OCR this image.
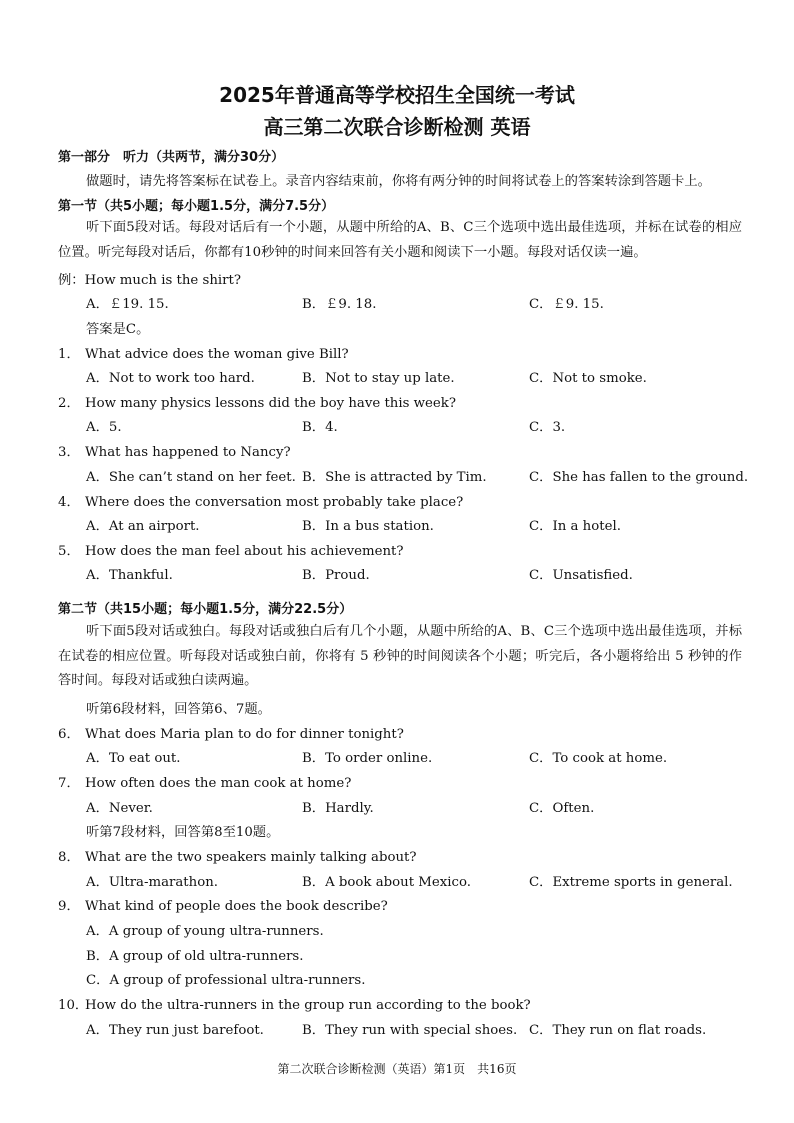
2025年普通高等学校招生全国统一考试
高三第二次联合诊断检测 英语
第一部分　听力（共两节，满分30分）
做题时，请先将答案标在试卷上。录音内容结束前，你将有两分钟的时间将试卷上的答案转涂到答题卡上。
第一节（共5小题；每小题1.5分，满分7.5分）
听下面5段对话。每段对话后有一个小题，从题中所给的A、B、C三个选项中选出最佳选项，并标在试卷的相应位置。听完每段对话后，你都有10秒钟的时间来回答有关小题和阅读下一小题。每段对话仅读一遍。
例：How much is the shirt?
A．￡19. 15.	B．￡9. 18.	C．￡9. 15.
答案是C。
1． What advice does the woman give Bill?
A．Not to work too hard.	B．Not to stay up late.	C．Not to smoke.
2． How many physics lessons did the boy have this week?
A．5.	B．4.	C．3.
3． What has happened to Nancy?
A．She can’t stand on her feet. B．She is attracted by Tim.	C．She has fallen to the ground.
4． Where does the conversation most probably take place?
A．At an airport.	B．In a bus station.	C．In a hotel.
5． How does the man feel about his achievement?
A．Thankful.	B．Proud.	C．Unsatisfied.
第二节（共15小题；每小题1.5分，满分22.5分）
听下面5段对话或独白。每段对话或独白后有几个小题，从题中所给的A、B、C三个选项中选出最佳选项，并标在试卷的相应位置。听每段对话或独白前，你将有 5 秒钟的时间阅读各个小题；听完后，各小题将给出 5 秒钟的作答时间。每段对话或独白读两遍。
听第6段材料，回答第6、7题。
6． What does Maria plan to do for dinner tonight?
A．To eat out.	B．To order online.	C．To cook at home.
7． How often does the man cook at home?
A．Never.	B．Hardly.	C．Often.
听第7段材料，回答第8至10题。
8． What are the two speakers mainly talking about?
A．Ultra-marathon.	B．A book about Mexico.	C．Extreme sports in general.
9． What kind of people does the book describe?
A．A group of young ultra-runners.
B．A group of old ultra-runners.
C．A group of professional ultra-runners.
10．How do the ultra-runners in the group run according to the book?
A．They run just barefoot.	B．They run with special shoes. C．They run on flat roads.
第二次联合诊断检测（英语）第1页　共16页
